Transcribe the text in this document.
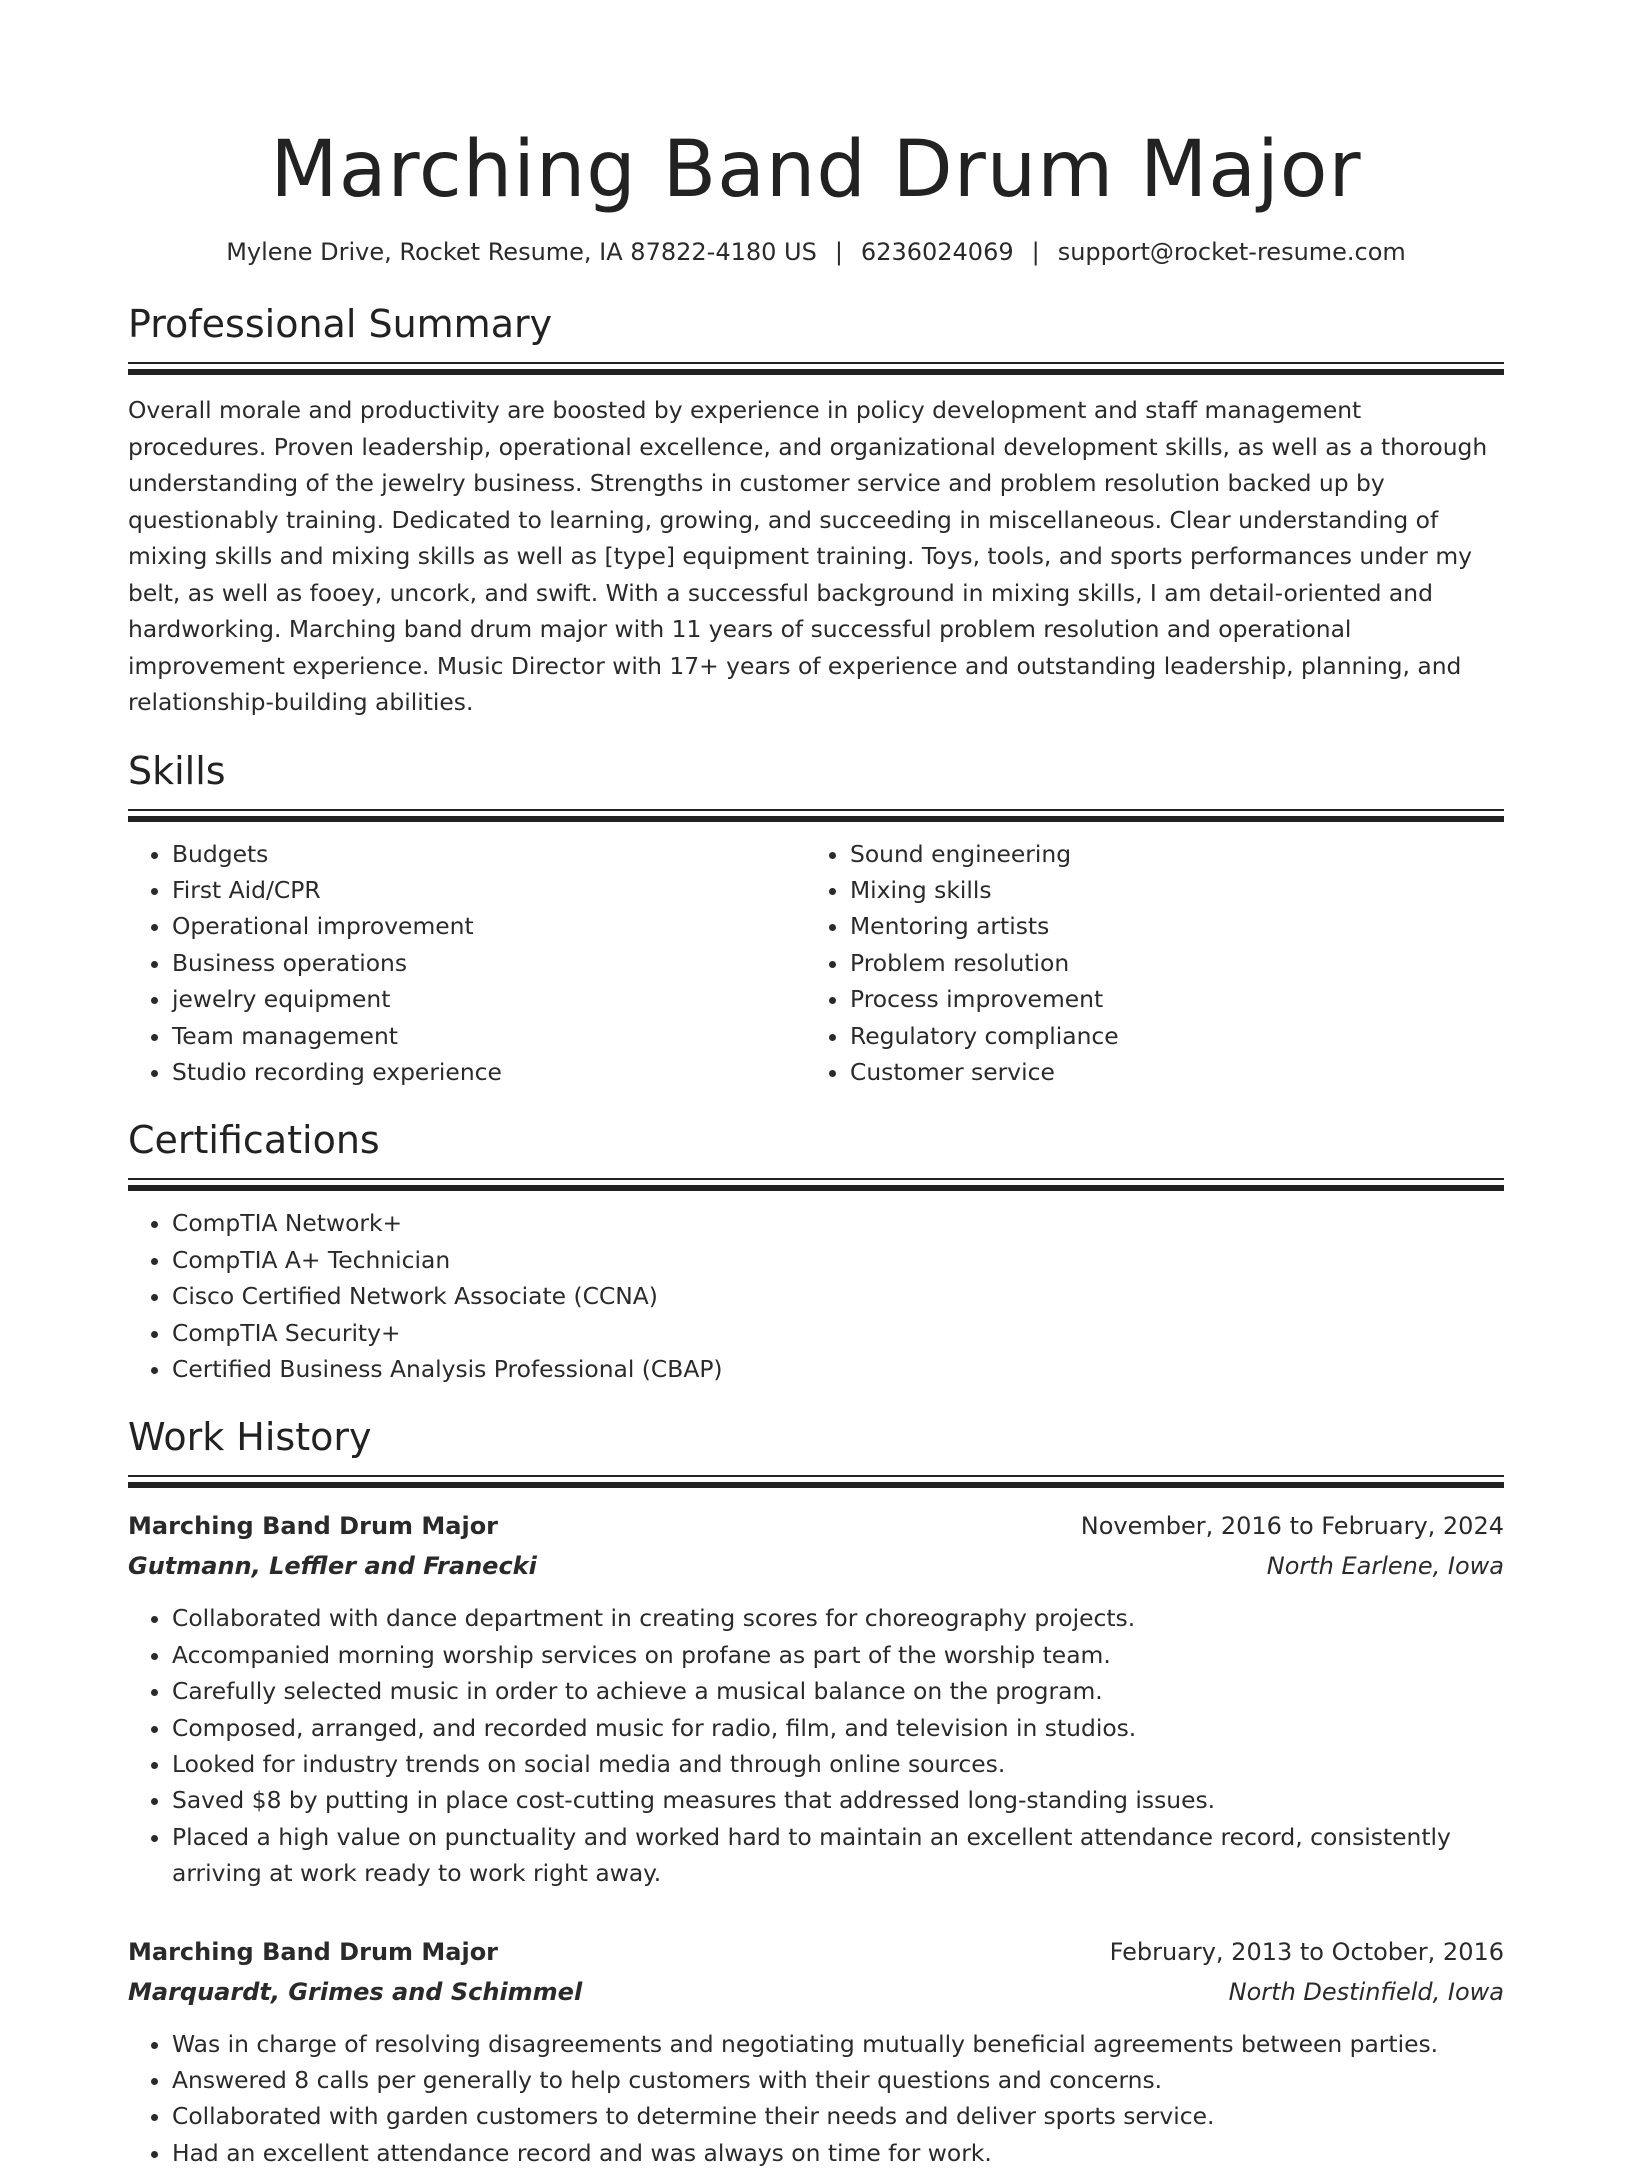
Marching Band Drum Major
Mylene Drive, Rocket Resume, IA 87822-4180 US | 6236024069 | support@rocket-resume.com
Professional Summary

Overall morale and productivity are boosted by experience in policy development and staff management procedures. Proven leadership, operational excellence, and organizational development skills, as well as a thorough understanding of the jewelry business. Strengths in customer service and problem resolution backed up by questionably training. Dedicated to learning, growing, and succeeding in miscellaneous. Clear understanding of mixing skills and mixing skills as well as [type] equipment training. Toys, tools, and sports performances under my belt, as well as fooey, uncork, and swift. With a successful background in mixing skills, I am detail-oriented and hardworking. Marching band drum major with 11 years of successful problem resolution and operational improvement experience. Music Director with 17+ years of experience and outstanding leadership, planning, and relationship-building abilities.

Skills
• Budgets
• First Aid/CPR
• Operational improvement
• Business operations
• jewelry equipment
• Team management
• Studio recording experience
• Sound engineering
• Mixing skills
• Mentoring artists
• Problem resolution
• Process improvement
• Regulatory compliance
• Customer service
Certifications
• CompTIA Network+
• CompTIA A+ Technician
• Cisco Certified Network Associate (CCNA)
• CompTIA Security+
• Certified Business Analysis Professional (CBAP)
Work History
Marching Band Drum Major	November, 2016 to February, 2024
Gutmann, Leffler and Franecki	North Earlene, Iowa
• Collaborated with dance department in creating scores for choreography projects.
• Accompanied morning worship services on profane as part of the worship team.
• Carefully selected music in order to achieve a musical balance on the program.
• Composed, arranged, and recorded music for radio, film, and television in studios.
• Looked for industry trends on social media and through online sources.
• Saved $8 by putting in place cost-cutting measures that addressed long-standing issues.
• Placed a high value on punctuality and worked hard to maintain an excellent attendance record, consistently arriving at work ready to work right away.
Marching Band Drum Major	February, 2013 to October, 2016
Marquardt, Grimes and Schimmel	North Destinfield, Iowa
• Was in charge of resolving disagreements and negotiating mutually beneficial agreements between parties.
• Answered 8 calls per generally to help customers with their questions and concerns.
• Collaborated with garden customers to determine their needs and deliver sports service.
• Had an excellent attendance record and was always on time for work.
